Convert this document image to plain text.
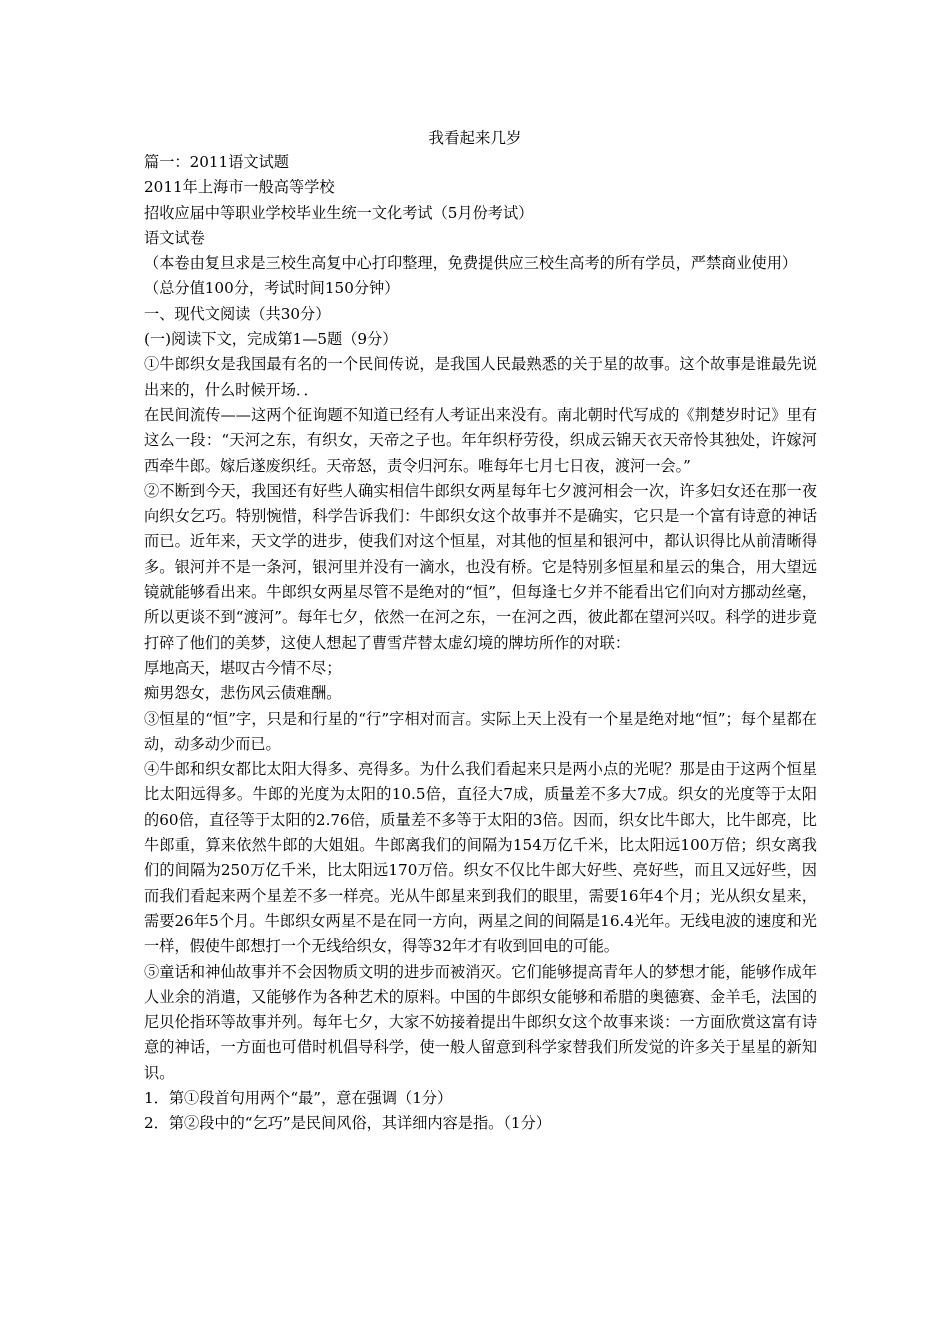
我看起来几岁

篇一：2011语文试题

2011年上海市一般高等学校

招收应届中等职业学校毕业生统一文化考试（5月份考试）

语文试卷

（本卷由复旦求是三校生高复中心打印整理，免费提供应三校生高考的所有学员，严禁商业使用）

（总分值100分，考试时间150分钟）

一、现代文阅读（共30分）

(一)阅读下文，完成第1—5题（9分）

①牛郎织女是我国最有名的一个民间传说，是我国人民最熟悉的关于星的故事。这个故事是谁最先说出来的，什么时候开场．．

在民间流传——这两个征询题不知道已经有人考证出来没有。南北朝时代写成的《荆楚岁时记》里有这么一段：“天河之东，有织女，天帝之子也。年年织杼劳役，织成云锦天衣天帝怜其独处，许嫁河西牵牛郎。嫁后遂废织纴。天帝怒，责令归河东。唯每年七月七日夜，渡河一会。”

②不断到今天，我国还有好些人确实相信牛郎织女两星每年七夕渡河相会一次，许多妇女还在那一夜向织女乞巧。特别惋惜，科学告诉我们：牛郎织女这个故事并不是确实，它只是一个富有诗意的神话而已。近年来，天文学的进步，使我们对这个恒星，对其他的恒星和银河中，都认识得比从前清晰得多。银河并不是一条河，银河里并没有一滴水，也没有桥。它是特别多恒星和星云的集合，用大望远镜就能够看出来。牛郎织女两星尽管不是绝对的“恒”，但每逢七夕并不能看出它们向对方挪动丝毫，所以更谈不到“渡河”。每年七夕，依然一在河之东，一在河之西，彼此都在望河兴叹。科学的进步竟打碎了他们的美梦，这使人想起了曹雪芹替太虚幻境的牌坊所作的对联：

厚地高天，堪叹古今情不尽；

痴男怨女，悲伤风云债难酬。

③恒星的“恒”字，只是和行星的“行”字相对而言。实际上天上没有一个星是绝对地“恒”；每个星都在动，动多动少而已。

④牛郎和织女都比太阳大得多、亮得多。为什么我们看起来只是两小点的光呢？那是由于这两个恒星比太阳远得多。牛郎的光度为太阳的10.5倍，直径大7成，质量差不多大7成。织女的光度等于太阳的60倍，直径等于太阳的2.76倍，质量差不多等于太阳的3倍。因而，织女比牛郎大，比牛郎亮，比牛郎重，算来依然牛郎的大姐姐。牛郎离我们的间隔为154万亿千米，比太阳远100万倍；织女离我们的间隔为250万亿千米，比太阳远170万倍。织女不仅比牛郎大好些、亮好些，而且又远好些，因而我们看起来两个星差不多一样亮。光从牛郎星来到我们的眼里，需要16年4个月；光从织女星来，需要26年5个月。牛郎织女两星不是在同一方向，两星之间的间隔是16.4光年。无线电波的速度和光一样，假使牛郎想打一个无线给织女，得等32年才有收到回电的可能。

⑤童话和神仙故事并不会因物质文明的进步而被消灭。它们能够提高青年人的梦想才能，能够作成年人业余的消遣，又能够作为各种艺术的原料。中国的牛郎织女能够和希腊的奥德赛、金羊毛，法国的尼贝伦指环等故事并列。每年七夕，大家不妨接着提出牛郎织女这个故事来谈：一方面欣赏这富有诗意的神话，一方面也可借时机倡导科学，使一般人留意到科学家替我们所发觉的许多关于星星的新知识。

1．第①段首句用两个“最”，意在强调（1分）

2．第②段中的“乞巧”是民间风俗，其详细内容是指。（1分）
